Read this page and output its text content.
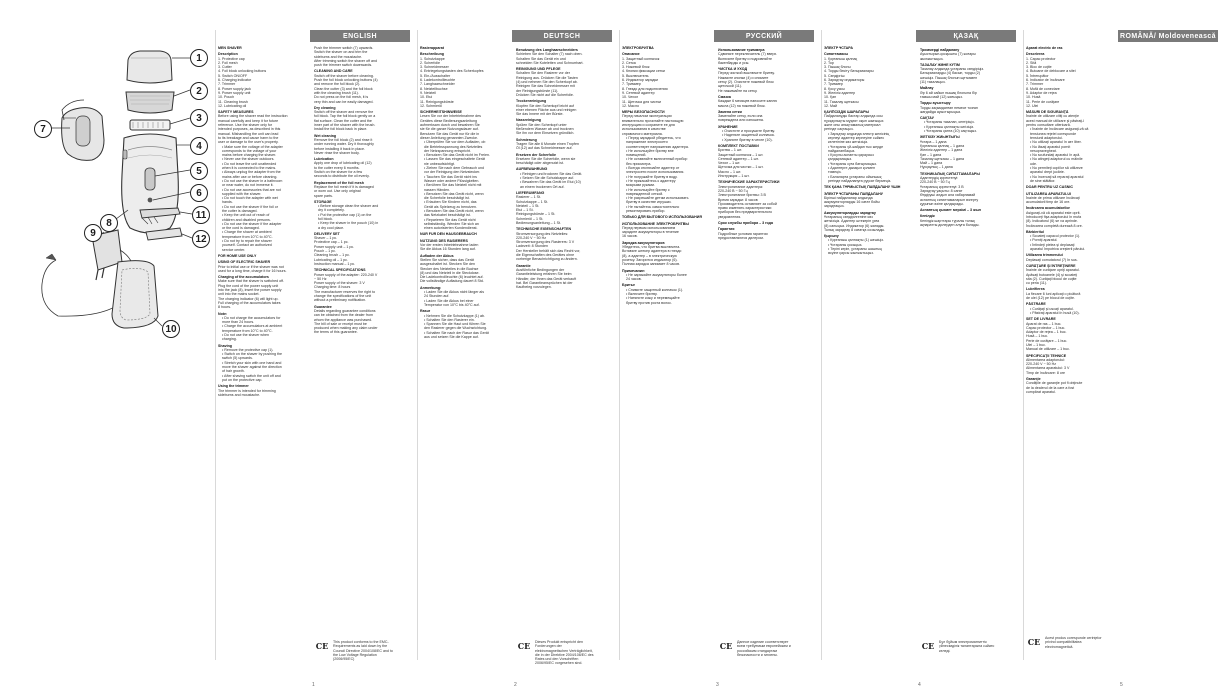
1
2
3
4
5
6
7
8
9
10
11
12
ENGLISH
MEN SHAVER
Description
1. Protective cap
2. Foil mesh
3. Cutter
4. Foil block unlocking buttons
5. Switch ON/OFF
6. Charging indicator
7. Trimmer
8. Power supply jack
9. Power supply unit
10. Pouch
11. Cleaning brush
12. Lubricating oil
SAFETY MEASURES
Before using the shaver read the instruction
manual carefully and keep it for future
reference. Use the shaver only for
intended purposes, as described in this
manual. Mishandling the unit can lead
to its breakage and cause harm to the
user or damage to the user's property.
• Make sure the voltage of the adapter
corresponds to the voltage of your
mains before charging the shaver.
• Never use the shaver outdoors.
• Do not leave the unit unattended
when it is connected to the mains.
• Always unplug the adapter from the
mains after use or before cleaning.
• Do not use the shaver in a bathroom
or near water, do not immerse it.
• Do not use accessories that are not
supplied with the shaver.
• Do not touch the adapter with wet
hands.
• Do not use the shaver if the foil or
the cutter is damaged.
• Keep the unit out of reach of
children and disabled persons.
• Do not use the shaver if the adapter
or the cord is damaged.
• Charge the shaver at ambient
temperature from 10°C to 40°C.
• Do not try to repair the shaver
yourself. Contact an authorized
service center.
FOR HOME USE ONLY
USING OF ELECTRIC SHAVER
Prior to initial use or if the shaver was not
used for a long time, charge it for 16 hours.
Charging of the accumulators
Make sure that the shaver is switched off.
Plug the cord of the power supply unit
into the jack (8), insert the power supply
unit into the mains socket.
The charging indicator (6) will light up.
Full charging of the accumulators takes
8 hours.
Note:
• Do not charge the accumulators for
more than 24 hours.
• Charge the accumulators at ambient
temperature from 10°C to 40°C.
• Do not use the shaver when
charging.
Shaving
• Remove the protective cap (1).
• Switch on the shaver by pushing the
switch (5) upwards.
• Stretch your skin with one hand and
move the shaver against the direction
of hair growth.
• After shaving switch the unit off and
put on the protective cap.
Using the trimmer
The trimmer is intended for trimming
sideburns and moustache.
Push the trimmer switch (7) upwards.
Switch the shaver on and trim the
sideburns and the moustache.
After trimming switch the shaver off and
push the trimmer switch downwards.
CLEANING AND CARE
Switch off the shaver before cleaning.
Push the foil block unlocking buttons (4)
and remove the foil block (2).
Clean the cutter (3) and the foil block
with the cleaning brush (11).
Do not press on the foil mesh, it is
very thin and can be easily damaged.
Dry cleaning
Switch off the shaver and remove the
foil block. Tap the foil block gently on a
flat surface. Clean the cutter and the
inner part of the shaver with the brush.
Install the foil block back in place.
Wet cleaning
Remove the foil block (2) and rinse it
under running water. Dry it thoroughly
before installing it back in place.
Never rinse the shaver body.
Lubrication
Apply one drop of lubricating oil (12)
to the cutter every 6 months.
Switch on the shaver for a few
seconds to distribute the oil evenly.
Replacement of the foil mesh
Replace the foil mesh if it is damaged
or worn out. Use only original
spare parts.
STORAGE
• Before storage clean the shaver and
dry it completely.
• Put the protective cap (1) on the
foil block.
• Keep the shaver in the pouch (10) in
a dry cool place.
DELIVERY SET
Shaver – 1 pc.
Protective cap – 1 pc.
Power supply unit – 1 pc.
Pouch – 1 pc.
Cleaning brush – 1 pc.
Lubricating oil – 1 pc.
Instruction manual – 1 pc.
TECHNICAL SPECIFICATIONS
Power supply of the adapter: 220-240 V
~ 50 Hz
Power supply of the shaver: 3 V
Charging time: 8 hours
The manufacturer reserves the right to
change the specifications of the unit
without a preliminary notification.
Guarantee
Details regarding guarantee conditions
can be obtained from the dealer from
whom the appliance was purchased.
The bill of sale or receipt must be
produced when making any claim under
the terms of this guarantee.
CE	This product conforms to the EMC-Requirements as laid down by the Council Directive 2004/108/EC and to the Low Voltage Regulation (2006/95/EC)
1
DEUTSCH
Rasierapparat
Beschreibung
1. Schutzkappe
2. Scherfolie
3. Schneidmesser
4. Entriegelungstasten des Scherkopfes
5. Ein-/Ausschalter
6. Ladekontrollleuchte
7. Langhaarschneider
8. Netzteilbuchse
9. Netzteil
10. Etui
11. Reinigungsbürste
12. Schmieröl
SICHERHEITSHINWEISE
Lesen Sie vor der Inbetriebnahme des
Gerätes diese Bedienungsanleitung
aufmerksam durch und bewahren Sie
sie für die ganze Nutzungsdauer auf.
Benutzen Sie das Gerät nur für die in
dieser Anleitung genannten Zwecke.
• Überprüfen Sie vor dem Aufladen, ob
die Betriebsspannung des Netzteiles
der Netzspannung entspricht.
• Benutzen Sie das Gerät nicht im Freien.
• Lassen Sie das eingeschaltete Gerät
nie unbeaufsichtigt.
• Ziehen Sie nach dem Gebrauch und
vor der Reinigung den Netzstecker.
• Tauchen Sie das Gerät nicht ins
Wasser oder andere Flüssigkeiten.
• Berühren Sie das Netzteil nicht mit
nassen Händen.
• Benutzen Sie das Gerät nicht, wenn
die Scherfolie beschädigt ist.
• Erlauben Sie Kindern nicht, das
Gerät als Spielzeug zu benutzen.
• Benutzen Sie das Gerät nicht, wenn
das Netzkabel beschädigt ist.
• Reparieren Sie das Gerät nicht
selbstständig. Wenden Sie sich an
einen autorisierten Kundendienst.
NUR FÜR DEN HAUSGEBRAUCH
NUTZUNG DES RASIERERS
Vor der ersten Inbetriebnahme laden
Sie die Akkus 16 Stunden lang auf.
Aufladen der Akkus
Stellen Sie sicher, dass das Gerät
ausgeschaltet ist. Stecken Sie den
Stecker des Netzteiles in die Buchse
(8) und das Netzteil in die Steckdose.
Die Ladekontrollleuchte (6) leuchtet auf.
Die vollständige Aufladung dauert 8 Std.
Anmerkung:
• Laden Sie die Akkus nicht länger als
24 Stunden auf.
• Laden Sie die Akkus bei einer
Temperatur von 10°C bis 40°C auf.
Rasur
• Nehmen Sie die Schutzkappe (1) ab.
• Schalten Sie den Rasierer ein.
• Spannen Sie die Haut und führen Sie
den Rasierer gegen die Wuchsrichtung.
• Schalten Sie nach der Rasur das Gerät
aus und setzen Sie die Kappe auf.
Benutzung des Langhaarschneiders
Schieben Sie den Schalter (7) nach oben.
Schalten Sie das Gerät ein und
schneiden Sie Koteletten und Schnurrbart.
REINIGUNG UND PFLEGE
Schalten Sie den Rasierer vor der
Reinigung aus. Drücken Sie die Tasten
(4) und nehmen Sie den Scherkopf ab.
Reinigen Sie das Schneidmesser mit
der Reinigungsbürste (11).
Drücken Sie nicht auf die Scherfolie.
Trockenreinigung
Klopfen Sie den Scherkopf leicht auf
einer ebenen Fläche aus und reinigen
Sie das Innere mit der Bürste.
Nassreinigung
Spülen Sie den Scherkopf unter
fließendem Wasser ab und trocknen
Sie ihn vor dem Einsetzen gründlich.
Schmierung
Tragen Sie alle 6 Monate einen Tropfen
Öl (12) auf das Schneidmesser auf.
Ersetzen der Scherfolie
Ersetzen Sie die Scherfolie, wenn sie
beschädigt oder abgenutzt ist.
AUFBEWAHRUNG
• Reinigen und trocknen Sie das Gerät.
• Setzen Sie die Schutzkappe auf.
• Bewahren Sie das Gerät im Etui (10)
an einem trockenen Ort auf.
LIEFERUMFANG
Rasierer – 1 St.
Schutzkappe – 1 St.
Netzteil – 1 St.
Etui – 1 St.
Reinigungsbürste – 1 St.
Schmieröl – 1 St.
Bedienungsanleitung – 1 St.
TECHNISCHE EIGENSCHAFTEN
Stromversorgung des Netzteiles:
220-240 V ~ 50 Hz
Stromversorgung des Rasierers: 3 V
Ladezeit: 8 Stunden
Der Hersteller behält sich das Recht vor,
die Eigenschaften des Gerätes ohne
vorherige Benachrichtigung zu ändern.
Garantie
Ausführliche Bedingungen der
Garantieleistung erfahren Sie beim
Händler, der Ihnen das Gerät verkauft
hat. Bei Garantieansprüchen ist der
Kaufbeleg vorzulegen.
CE	Dieses Produkt entspricht den Forderungen der elektromagnetischen Verträglichkeit, die in der Direktive 2004/108/EC des Rates und den Vorschriften 2006/95/EC vorgesehen sind.
2
РУССКИЙ
ЭЛЕКТРОБРИТВА
Описание
1. Защитный колпачок
2. Сетка
3. Ножевой блок
4. Кнопки фиксации сетки
5. Выключатель
6. Индикатор зарядки
7. Триммер
8. Гнездо для подключения
9. Сетевой адаптер
10. Чехол
11. Щеточка для чистки
12. Масло
МЕРЫ БЕЗОПАСНОСТИ
Перед началом эксплуатации
внимательно прочитайте настоящую
инструкцию и сохраните ее для
использования в качестве
справочного материала.
• Перед зарядкой убедитесь, что
напряжение электросети
соответствует напряжению адаптера.
• Не используйте бритву вне
помещений.
• Не оставляйте включенный прибор
без присмотра.
• Всегда отключайте адаптер от
электросети после использования.
• Не погружайте бритву в воду.
• Не прикасайтесь к адаптеру
мокрыми руками.
• Не используйте бритву с
поврежденной сеткой.
• Не разрешайте детям использовать
бритву в качестве игрушки.
• Не пытайтесь самостоятельно
ремонтировать прибор.
ТОЛЬКО ДЛЯ БЫТОВОГО ИСПОЛЬЗОВАНИЯ
ИСПОЛЬЗОВАНИЕ ЭЛЕКТРОБРИТВЫ
Перед первым использованием
зарядите аккумуляторы в течение
16 часов.
Зарядка аккумуляторов
Убедитесь, что бритва выключена.
Вставьте штекер адаптера в гнездо
(8), а адаптер – в электрическую
розетку. Загорится индикатор (6).
Полная зарядка занимает 8 часов.
Примечание:
• Не заряжайте аккумуляторы более
24 часов.
Бритье
• Снимите защитный колпачок (1).
• Включите бритву.
• Натяните кожу и перемещайте
бритву против роста волос.
Использование триммера
Сдвиньте переключатель (7) вверх.
Включите бритву и подровняйте
бакенбарды и усы.
ЧИСТКА И УХОД
Перед чисткой выключите бритву.
Нажмите кнопки (4) и снимите
сетку (2). Очистите ножевой блок
щеточкой (11).
Не нажимайте на сетку.
Смазка
Каждые 6 месяцев наносите каплю
масла (12) на ножевой блок.
Замена сетки
Заменяйте сетку, если она
повреждена или изношена.
ХРАНЕНИЕ
• Очистите и просушите бритву.
• Наденьте защитный колпачок.
• Храните бритву в чехле (10).
КОМПЛЕКТ ПОСТАВКИ
Бритва – 1 шт.
Защитный колпачок – 1 шт.
Сетевой адаптер – 1 шт.
Чехол – 1 шт.
Щеточка для чистки – 1 шт.
Масло – 1 шт.
Инструкция – 1 шт.
ТЕХНИЧЕСКИЕ ХАРАКТЕРИСТИКИ
Электропитание адаптера:
220-240 В ~ 50 Гц
Электропитание бритвы: 3 В
Время зарядки: 8 часов
Производитель оставляет за собой
право изменять характеристики
приборов без предварительного
уведомления.
Срок службы прибора – 3 года
Гарантия
Подробные условия гарантии
предоставляются дилером.
CE	Данное изделие соответствует всем требуемым европейским и российским стандартам безопасности и гигиены.
3
ҚАЗАҚ
ЭЛЕКТР ҰСТАРА
Сипаттамасы
1. Қорғаныш қалпақ
2. Тор
3. Пышақ блогы
4. Торды бекіту батырмалары
5. Сөндіргіш
6. Зарядтау индикаторы
7. Триммер
8. Қосу ұясы
9. Желілік адаптер
10. Қап
11. Тазалау щеткасы
12. Май
ҚАУІПСІЗДІК ШАРАЛАРЫ
Пайдалануды бастар алдында осы
нұсқаулықты мұқият оқып шығыңыз
және оны анықтамалық материал
ретінде сақтаңыз.
• Зарядтау алдында электр желісінің
кернеуі адаптер кернеуіне сәйкес
келетініне көз жеткізіңіз.
• Ұстараны үй-жайдан тыс жерде
пайдаланбаңыз.
• Қосулы аспапты қараусыз
қалдырмаңыз.
• Ұстараны суға батырмаңыз.
• Адаптерге дымқыл қолмен
тимеңіз.
• Балаларға ұстараны ойыншық
ретінде пайдалануға рұқсат бермеңіз.
ТЕК ҚАНА ТҰРМЫСТЫҚ ПАЙДАЛАНУ ҮШІН
ЭЛЕКТР ҰСТАРАНЫ ПАЙДАЛАНУ
Бірінші пайдаланар алдында
аккумуляторларды 16 сағат бойы
зарядтаңыз.
Аккумуляторларды зарядтау
Ұстараның сөндірілгеніне көз
жеткізіңіз. Адаптер штекерін ұяға
(8) салыңыз. Индикатор (6) жанады.
Толық зарядтау 8 сағатқа созылады.
Қырыну
• Қорғаныш қалпақты (1) шешіңіз.
• Ұстараны қосыңыз.
• Теріні керіп, ұстараны шаштың
өсуіне қарсы жылжытыңыз.
Триммерді пайдалану
Ауыстырып-қосқышты (7) жоғары
жылжытыңыз.
ТАЗАЛАУ ЖӘНЕ КҮТІМ
Тазалау алдында ұстараны сөндіріңіз.
Батырмаларды (4) басып, торды (2)
шешіңіз. Пышақ блогын щеткамен
(11) тазалаңыз.
Майлау
Әр 6 ай сайын пышақ блогына бір
тамшы май (12) жағыңыз.
Торды ауыстыру
Торды зақымданған немесе тозған
жағдайда ауыстырыңыз.
САҚТАУ
• Ұстараны тазалап, кептіріңіз.
• Қорғаныш қалпақты кигізіңіз.
• Ұстараны қапта (10) сақтаңыз.
ЖЕТКІЗУ ЖИЫНТЫҒЫ
Ұстара – 1 дана
Қорғаныш қалпақ – 1 дана
Желілік адаптер – 1 дана
Қап – 1 дана
Тазалау щеткасы – 1 дана
Май – 1 дана
Нұсқаулық – 1 дана
ТЕХНИКАЛЫҚ СИПАТТАМАЛАРЫ
Адаптердің қоректенуі:
220-240 В ~ 50 Гц
Ұстараның қоректенуі: 3 В
Зарядтау уақыты: 8 сағат
Өндіруші алдын ала хабарламай
аспаптың сипаттамаларын өзгерту
құқығын өзіне қалдырады.
Аспаптың қызмет мерзімі – 3 жыл
Кепілдік
Кепілдік шарттары туралы толық
ақпаратты дилерден алуға болады.
CE	Бұл бұйым электромагниттік үйлесімділік талаптарына сәйкес келеді.
4
ROMÂNĂ/ Moldovenească
Aparat electric de ras
Descrierea
1. Capac protector
2. Sită
3. Bloc de cuţite
4. Butoane de deblocare a sitei
5. Întrerupător
6. Indicator de încărcare
7. Trimmer
8. Mufă de conectare
9. Adaptor de reţea
10. Husă
11. Perie de curăţare
12. Ulei
MĂSURI DE SIGURANŢĂ
Înainte de utilizare citiţi cu atenţie
acest manual de utilizare şi păstraţi-l
pentru consultare ulterioară.
• Înainte de încărcare asiguraţi-vă că
tensiunea reţelei corespunde
tensiunii adaptorului.
• Nu utilizaţi aparatul în aer liber.
• Nu lăsaţi aparatul pornit
nesupravegheat.
• Nu scufundaţi aparatul în apă.
• Nu atingeţi adaptorul cu mâinile
ude.
• Nu permiteţi copiilor să utilizeze
aparatul drept jucărie.
• Nu încercaţi să reparaţi aparatul
de sine stătător.
DOAR PENTRU UZ CASNIC
UTILIZAREA APARATULUI
Înainte de prima utilizare încărcaţi
acumulatorii timp de 16 ore.
Încărcarea acumulatorilor
Asiguraţi-vă că aparatul este oprit.
Introduceţi fişa adaptorului în mufa
(8). Indicatorul (6) se va aprinde.
Încărcarea completă durează 8 ore.
Bărbieritul
• Scoateţi capacul protector (1).
• Porniţi aparatul.
• Întindeţi pielea şi deplasaţi
aparatul împotriva creşterii părului.
Utilizarea trimmerului
Deplasaţi comutatorul (7) în sus.
CURĂŢARE ŞI ÎNTREŢINERE
Înainte de curăţare opriţi aparatul.
Apăsaţi butoanele (4) şi scoateţi
sita (2). Curăţaţi blocul de cuţite
cu peria (11).
Lubrifierea
La fiecare 6 luni aplicaţi o picătură
de ulei (12) pe blocul de cuţite.
PĂSTRARE
• Curăţaţi şi uscaţi aparatul.
• Păstraţi aparatul în husă (10).
SET DE LIVRARE
Aparat de ras – 1 buc.
Capac protector – 1 buc.
Adaptor de reţea – 1 buc.
Husă – 1 buc.
Perie de curăţare – 1 buc.
Ulei – 1 buc.
Manual de utilizare – 1 buc.
SPECIFICAŢII TEHNICE
Alimentarea adaptorului:
220-240 V ~ 50 Hz
Alimentarea aparatului: 3 V
Timp de încărcare: 8 ore
Garanţie
Condiţiile de garanţie pot fi obţinute
de la dealerul de la care a fost
cumpărat aparatul.
CE	Acest produs corespunde cerinţelor privind compatibilitatea electromagnetică.
5
